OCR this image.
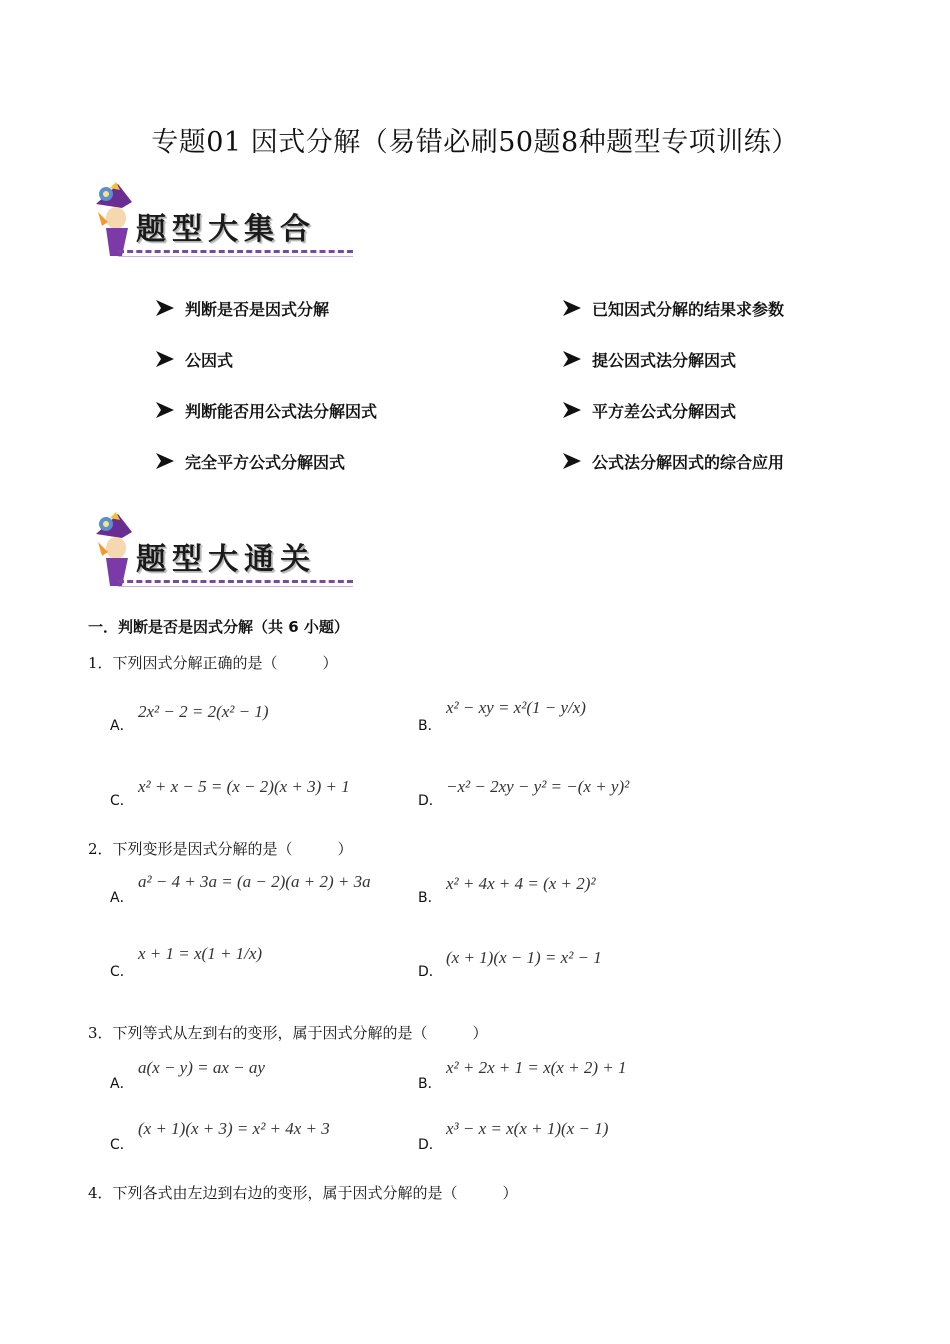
专题01 因式分解（易错必刷50题8种题型专项训练）
题型大集合
判断是否是因式分解	已知因式分解的结果求参数
公因式	提公因式法分解因式
判断能否用公式法分解因式	平方差公式分解因式
完全平方公式分解因式	公式法分解因式的综合应用
题型大通关
一．判断是否是因式分解（共 6 小题）
1．下列因式分解正确的是（　　　）
A．
2x² − 2 = 2(x² − 1)
B．
x² − xy = x²(1 − y/x)
C．
x² + x − 5 = (x − 2)(x + 3) + 1
D．
−x² − 2xy − y² = −(x + y)²
2．下列变形是因式分解的是（　　　）
A．
a² − 4 + 3a = (a − 2)(a + 2) + 3a
B．
x² + 4x + 4 = (x + 2)²
C．
x + 1 = x(1 + 1/x)
D．
(x + 1)(x − 1) = x² − 1
3．下列等式从左到右的变形，属于因式分解的是（　　　）
A．
a(x − y) = ax − ay
B．
x² + 2x + 1 = x(x + 2) + 1
C．
(x + 1)(x + 3) = x² + 4x + 3
D．
x³ − x = x(x + 1)(x − 1)
4．下列各式由左边到右边的变形，属于因式分解的是（　　　）
